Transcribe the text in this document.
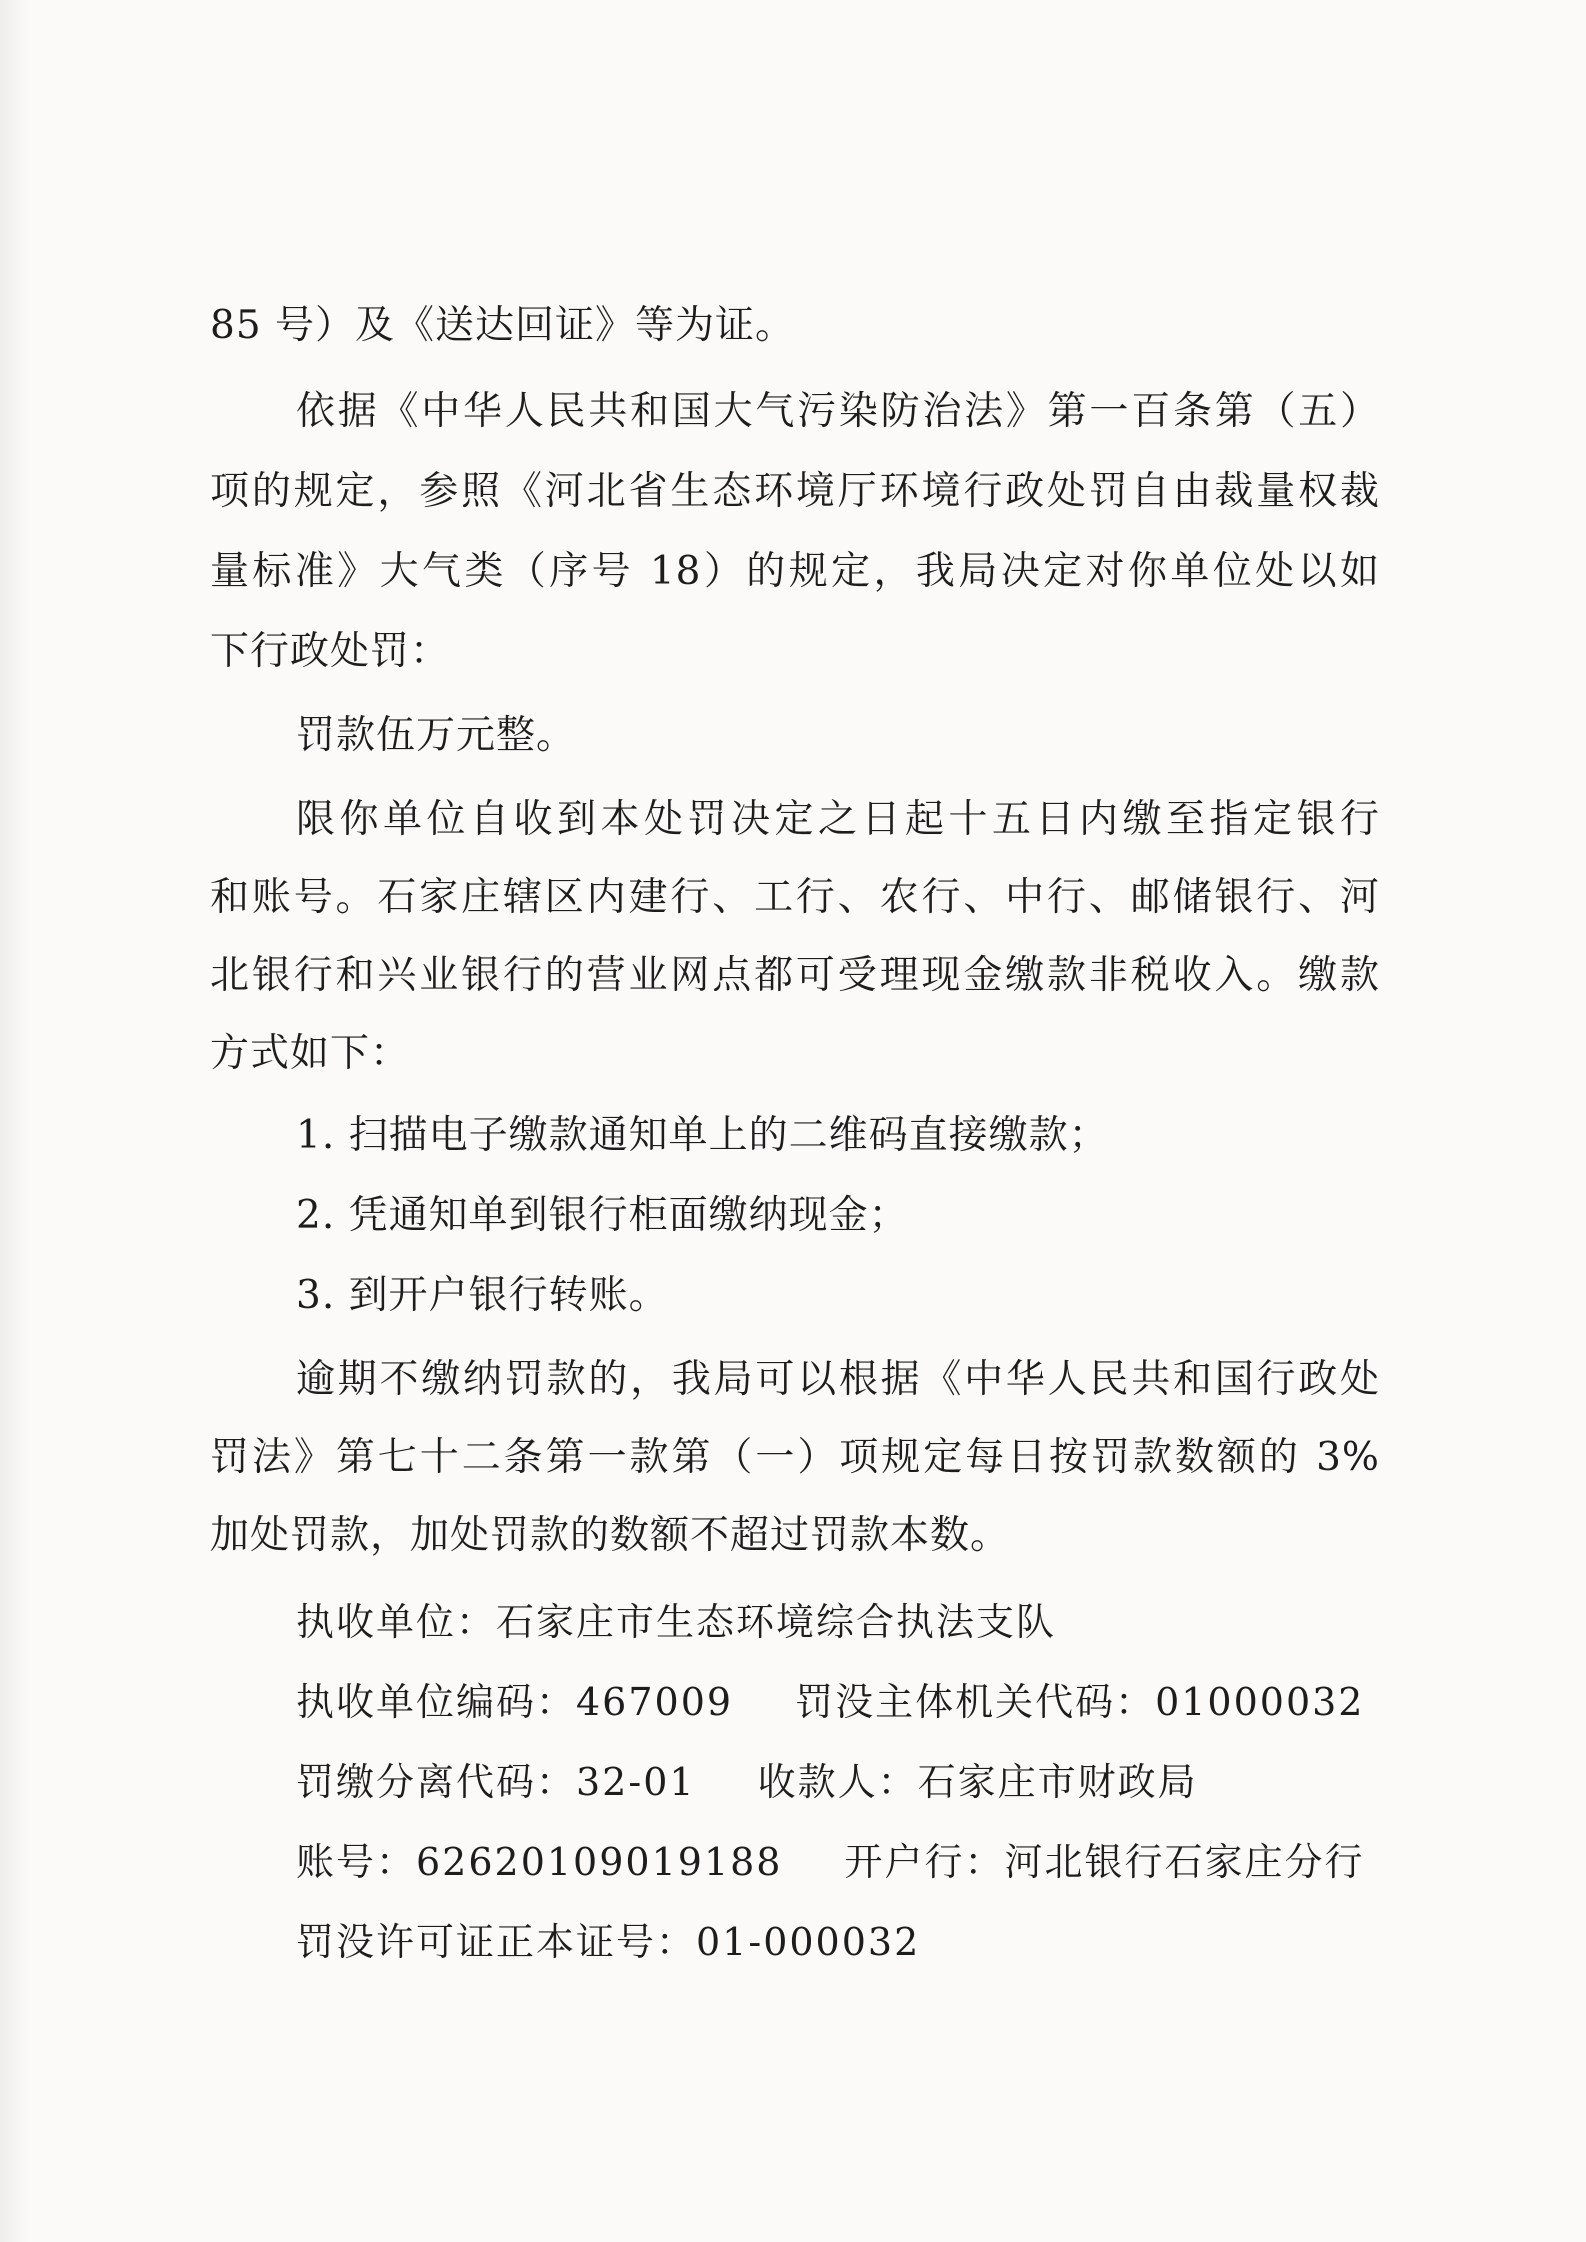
85 号）及《送达回证》等为证。
依据《中华人民共和国大气污染防治法》第一百条第（五）
项的规定，参照《河北省生态环境厅环境行政处罚自由裁量权裁
量标准》大气类（序号 18）的规定，我局决定对你单位处以如
下行政处罚：
罚款伍万元整。
限你单位自收到本处罚决定之日起十五日内缴至指定银行
和账号。石家庄辖区内建行、工行、农行、中行、邮储银行、河
北银行和兴业银行的营业网点都可受理现金缴款非税收入。缴款
方式如下：
1. 扫描电子缴款通知单上的二维码直接缴款；
2. 凭通知单到银行柜面缴纳现金；
3. 到开户银行转账。
逾期不缴纳罚款的，我局可以根据《中华人民共和国行政处
罚法》第七十二条第一款第（一）项规定每日按罚款数额的 3%
加处罚款，加处罚款的数额不超过罚款本数。
执收单位：石家庄市生态环境综合执法支队
执收单位编码：467009 罚没主体机关代码：01000032
罚缴分离代码：32-01 收款人：石家庄市财政局
账号：62620109019188 开户行：河北银行石家庄分行
罚没许可证正本证号：01-000032
